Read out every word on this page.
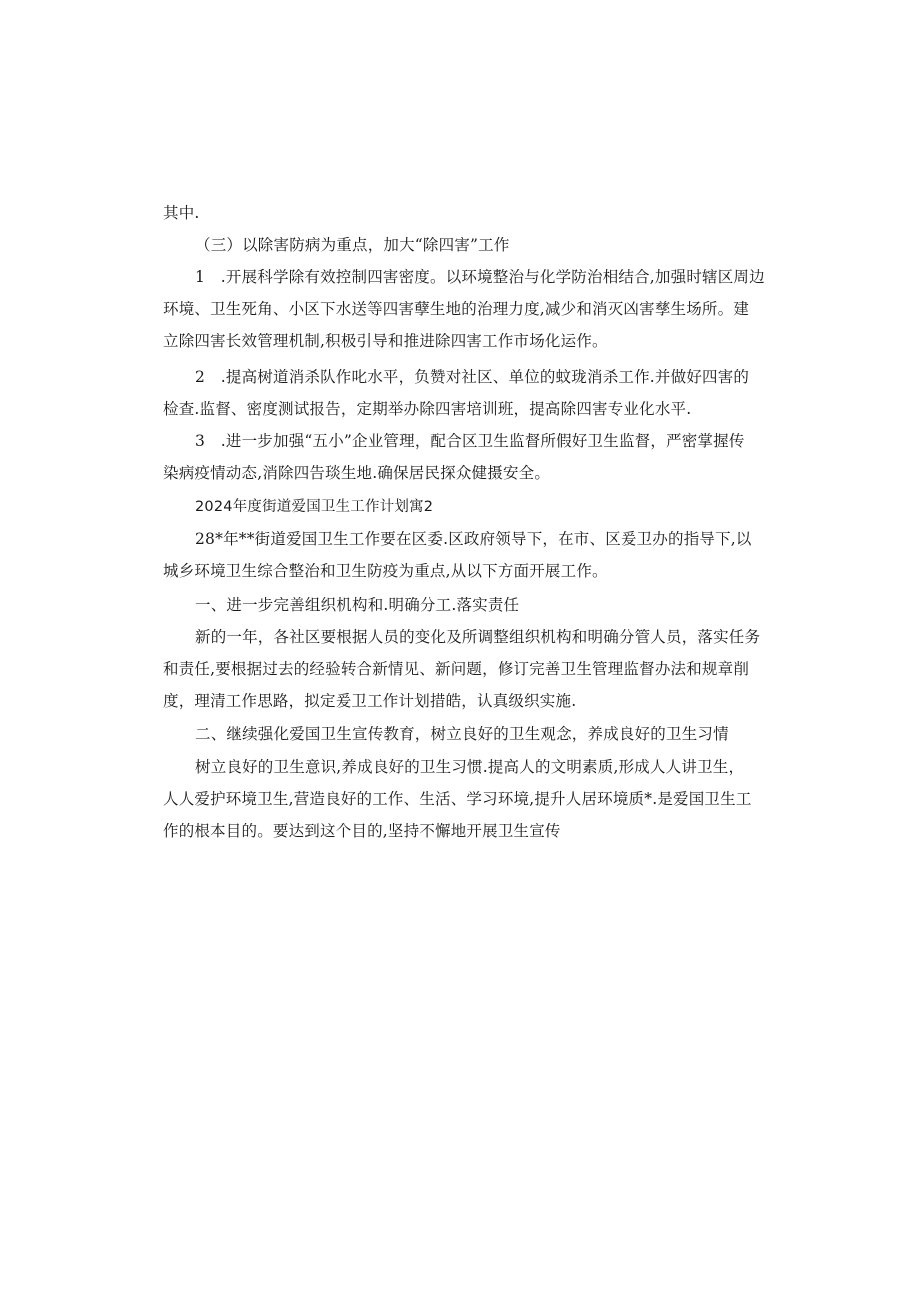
其中.
（三）以除害防病为重点，加大“除四害”工作
1　.开展科学除有效控制四害密度。以环境整治与化学防治相结合,加强时辖区周边
环境、卫生死角、小区下水送等四害孽生地的治理力度,减少和消灭凶害孳生场所。建
立除四害长效管理机制,积极引导和推进除四害工作市场化运作。
2　.提高树道消杀队作叱水平，负赞对社区、单位的蚊珑消杀工作.并做好四害的
检查.监督、密度测试报告，定期举办除四害培训班，提高除四害专业化水平.
3　.进一步加强“五小”企业管理，配合区卫生监督所假好卫生监督，严密掌握传
染病疫情动态,消除四告琰生地.确保居民探众健摄安全。
2024年度街道爱国卫生工作计划寓2
28*年**街道爱国卫生工作要在区委.区政府领导下，在市、区爰卫办的指导下,以
城乡环境卫生综合整治和卫生防疫为重点,从以下方面开展工作。
一、进一步完善组织机构和.明确分工.落实责任
新的一年，各社区要根据人员的变化及所调整组织机构和明确分管人员，落实任务
和责任,要根据过去的经验转合新情见、新问题，修订完善卫生管理监督办法和规章削
度，理清工作思路，拟定爰卫工作计划措皓，认真级织实施.
二、继续强化爱国卫生宣传教育，树立良好的卫生观念，养成良好的卫生习情
树立良好的卫生意识,养成良好的卫生习惯.提高人的文明素质,形成人人讲卫生，
人人爱护环境卫生,营造良好的工作、生活、学习环境,提升人居环境质*.是爱国卫生工
作的根本目的。要达到这个目的,坚持不懈地开展卫生宣传
